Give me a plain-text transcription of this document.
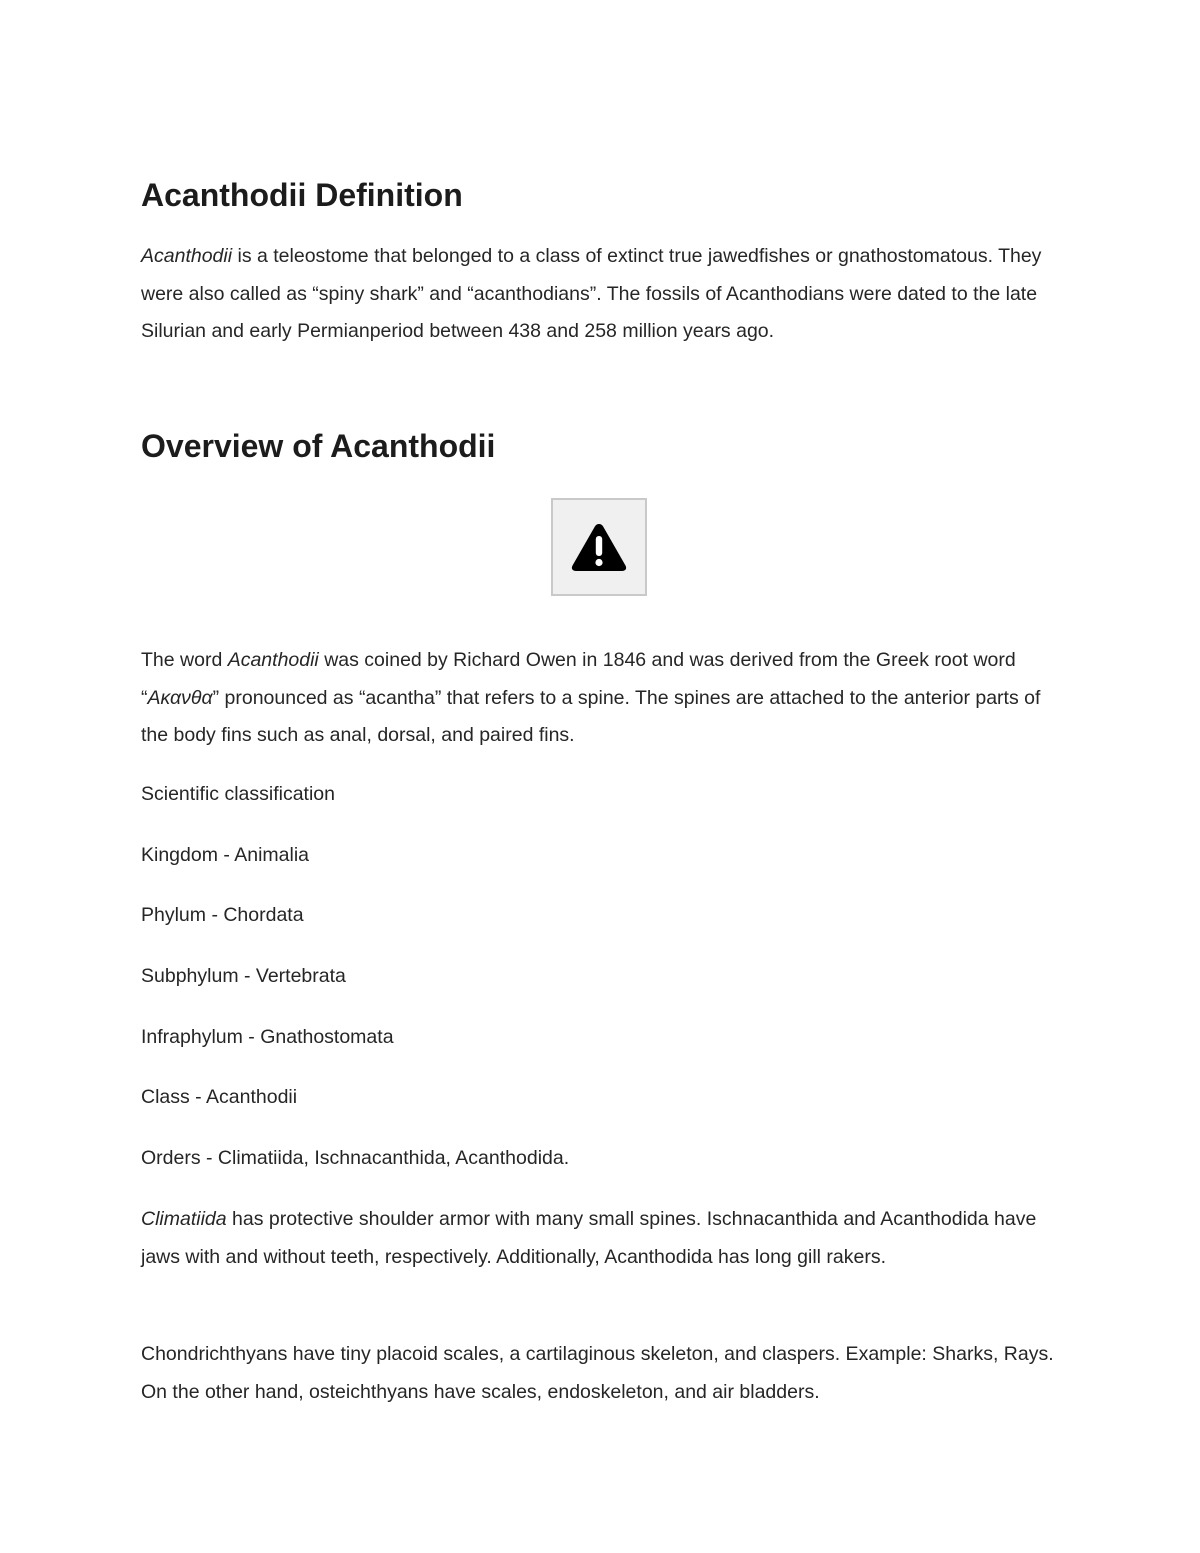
Acanthodii Definition

Acanthodii is a teleostome that belonged to a class of extinct true jawedfishes or gnathostomatous. They were also called as “spiny shark” and “acanthodians”. The fossils of Acanthodians were dated to the late Silurian and early Permianperiod between 438 and 258 million years ago.

Overview of Acanthodii

The word Acanthodii was coined by Richard Owen in 1846 and was derived from the Greek root word “Ακανθα” pronounced as “acantha” that refers to a spine. The spines are attached to the anterior parts of the body fins such as anal, dorsal, and paired fins.

Scientific classification

Kingdom - Animalia

Phylum - Chordata

Subphylum - Vertebrata

Infraphylum - Gnathostomata

Class - Acanthodii

Orders - Climatiida, Ischnacanthida, Acanthodida.

Climatiida has protective shoulder armor with many small spines. Ischnacanthida and Acanthodida have jaws with and without teeth, respectively. Additionally, Acanthodida has long gill rakers.

Chondrichthyans have tiny placoid scales, a cartilaginous skeleton, and claspers. Example: Sharks, Rays. On the other hand, osteichthyans have scales, endoskeleton, and air bladders.
